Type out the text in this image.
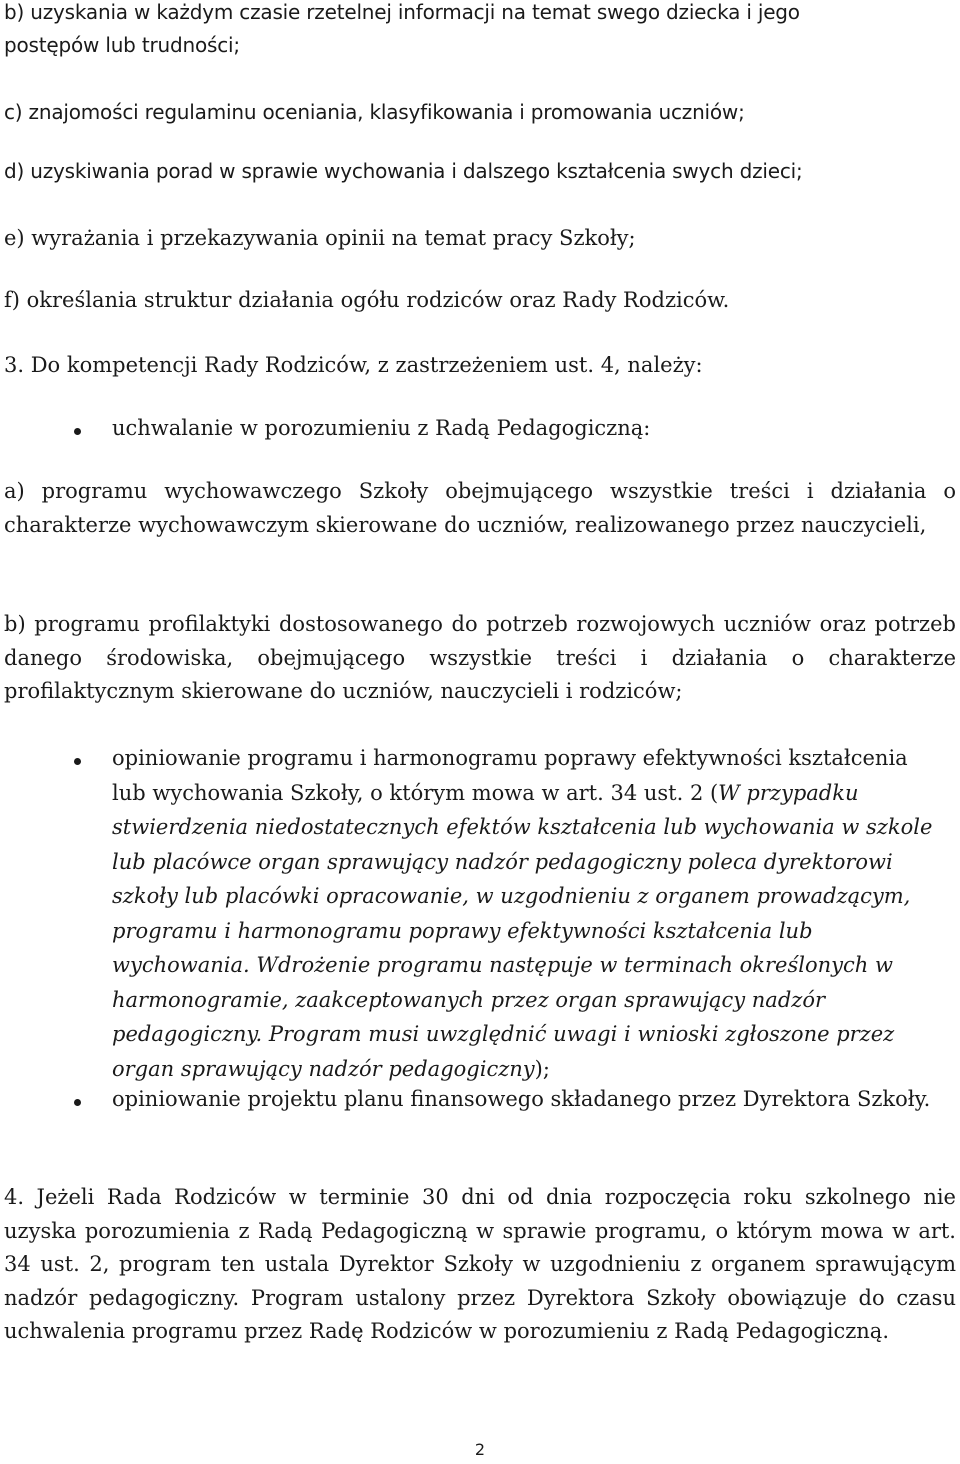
b) uzyskania w każdym czasie rzetelnej informacji na temat swego dziecka i jego

postępów lub trudności;

c) znajomości regulaminu oceniania, klasyfikowania i promowania uczniów;

d) uzyskiwania porad w sprawie wychowania i dalszego kształcenia swych dzieci;

e) wyrażania i przekazywania opinii na temat pracy Szkoły;

f) określania struktur działania ogółu rodziców oraz Rady Rodziców.

3. Do kompetencji Rady Rodziców, z zastrzeżeniem ust. 4, należy:

uchwalanie w porozumieniu z Radą Pedagogiczną:

a) programu wychowawczego Szkoły obejmującego wszystkie treści i działania o charakterze wychowawczym skierowane do uczniów, realizowanego przez nauczycieli,

b) programu profilaktyki dostosowanego do potrzeb rozwojowych uczniów oraz potrzeb danego środowiska, obejmującego wszystkie treści i działania o charakterze profilaktycznym skierowane do uczniów, nauczycieli i rodziców;

opiniowanie programu i harmonogramu poprawy efektywności kształcenia lub wychowania Szkoły, o którym mowa w art. 34 ust. 2 (W przypadku stwierdzenia niedostatecznych efektów kształcenia lub wychowania w szkole lub placówce organ sprawujący nadzór pedagogiczny poleca dyrektorowi szkoły lub placówki opracowanie, w uzgodnieniu z organem prowadzącym, programu i harmonogramu poprawy efektywności kształcenia lub wychowania. Wdrożenie programu następuje w terminach określonych w harmonogramie, zaakceptowanych przez organ sprawujący nadzór pedagogiczny. Program musi uwzględnić uwagi i wnioski zgłoszone przez organ sprawujący nadzór pedagogiczny);

opiniowanie projektu planu finansowego składanego przez Dyrektora Szkoły.

4. Jeżeli Rada Rodziców w terminie 30 dni od dnia rozpoczęcia roku szkolnego nie uzyska porozumienia z Radą Pedagogiczną w sprawie programu, o którym mowa w art. 34 ust. 2, program ten ustala Dyrektor Szkoły w uzgodnieniu z organem sprawującym nadzór pedagogiczny. Program ustalony przez Dyrektora Szkoły obowiązuje do czasu uchwalenia programu przez Radę Rodziców w porozumieniu z Radą Pedagogiczną.

2
